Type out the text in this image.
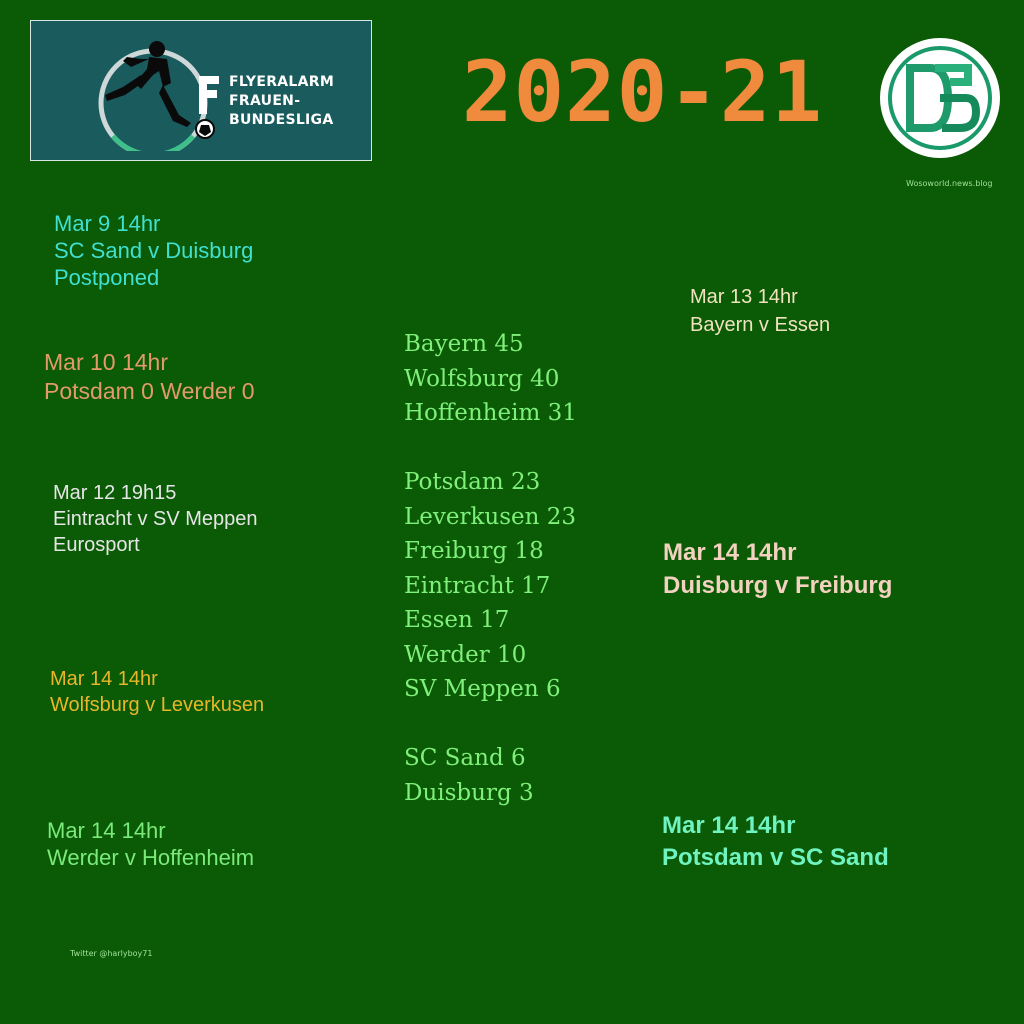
FLYERALARM
FRAUEN-
BUNDESLIGA 2020-21
Wosoworld.news.blog
Mar 9 14hr
SC Sand v Duisburg
Postponed
Mar 10 14hr
Potsdam 0 Werder 0
Mar 12 19h15
Eintracht v SV Meppen
Eurosport
Mar 14 14hr
Wolfsburg v Leverkusen
Mar 14 14hr
Werder v Hoffenheim
Mar 13 14hr
Bayern v Essen
Mar 14 14hr
Duisburg v Freiburg
Mar 14 14hr
Potsdam v SC Sand
Bayern 45
Wolfsburg 40
Hoffenheim 31
Potsdam 23
Leverkusen 23
Freiburg 18
Eintracht 17
Essen 17
Werder 10
SV Meppen 6
SC Sand 6
Duisburg 3
Twitter @harlyboy71
